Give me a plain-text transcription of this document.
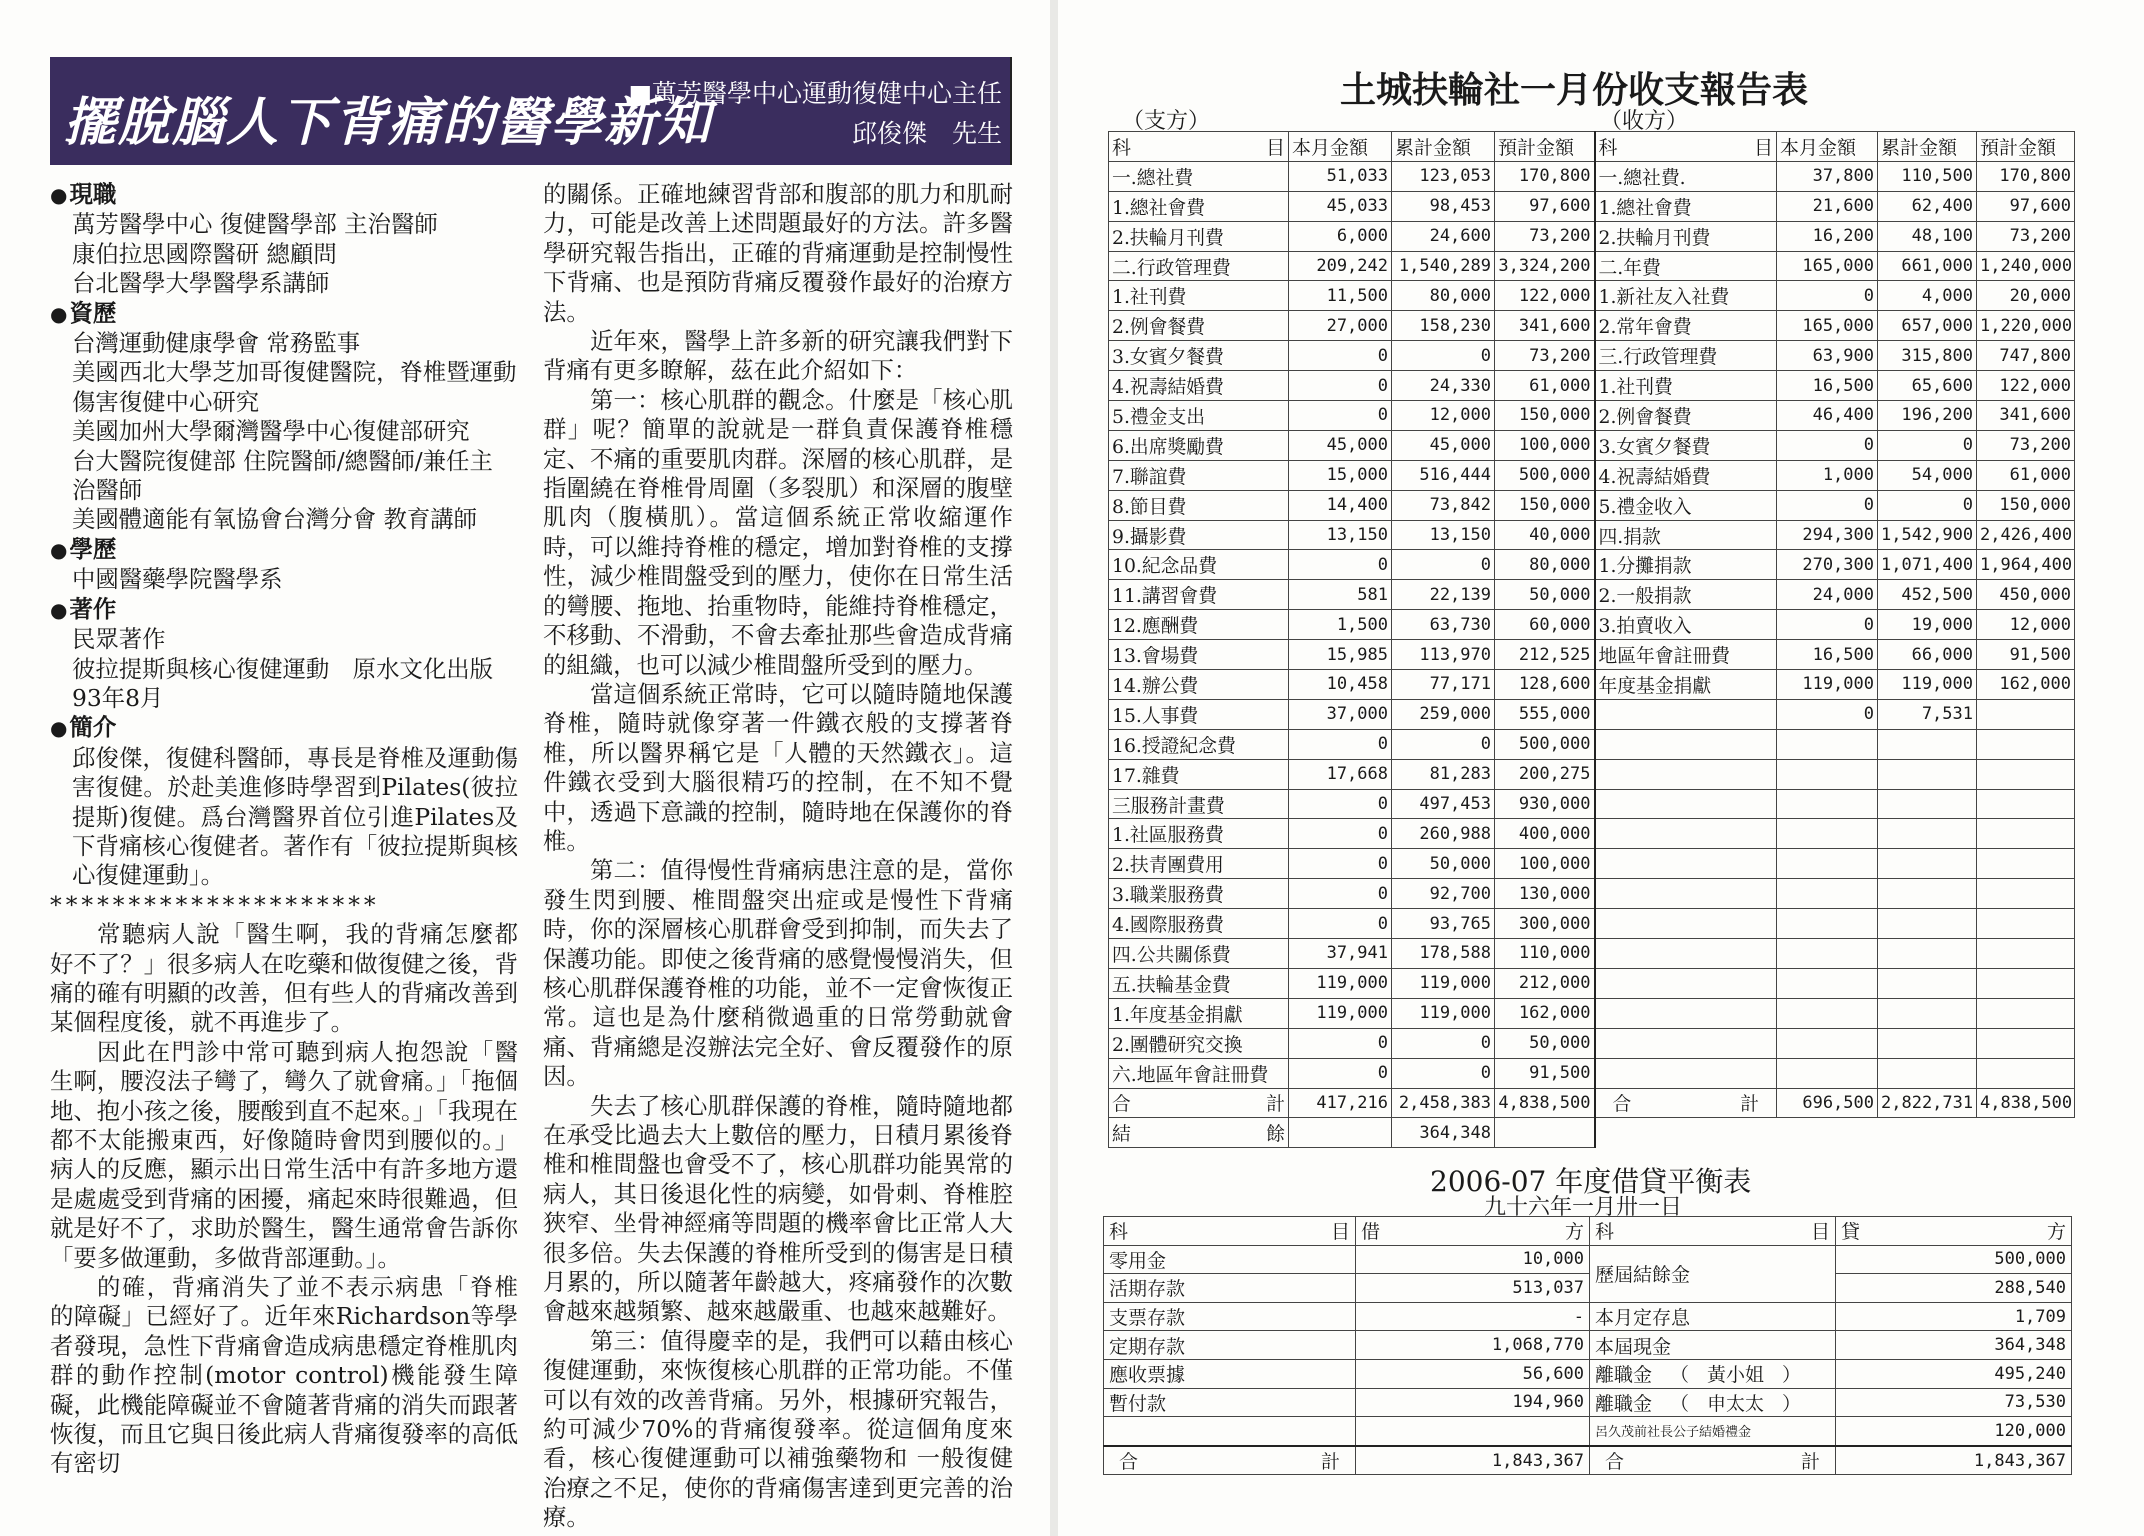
擺脫腦人下背痛的醫學新知
■萬芳醫學中心運動復健中心主任
邱俊傑　先生
●現職
萬芳醫學中心 復健醫學部 主治醫師
康伯拉思國際醫研 總顧問
台北醫學大學醫學系講師
●資歷
台灣運動健康學會 常務監事
美國西北大學芝加哥復健醫院，脊椎暨運動
傷害復健中心研究
美國加州大學爾灣醫學中心復健部研究
台大醫院復健部 住院醫師/總醫師/兼任主
治醫師
美國體適能有氧協會台灣分會 教育講師
●學歷
中國醫藥學院醫學系
●著作
民眾著作
彼拉提斯與核心復健運動　原水文化出版
93年8月
●簡介
邱俊傑，復健科醫師，專長是脊椎及運動傷害復健。於赴美進修時學習到Pilates(彼拉提斯)復健。爲台灣醫界首位引進Pilates及下背痛核心復健者。著作有「彼拉提斯與核心復健運動」。
*********************
常聽病人說「醫生啊，我的背痛怎麼都好不了？」很多病人在吃藥和做復健之後，背痛的確有明顯的改善，但有些人的背痛改善到某個程度後，就不再進步了。
因此在門診中常可聽到病人抱怨說「醫生啊，腰沒法子彎了，彎久了就會痛。」「拖個地、抱小孩之後，腰酸到直不起來。」「我現在都不太能搬東西，好像隨時會閃到腰似的。」病人的反應，顯示出日常生活中有許多地方還是處處受到背痛的困擾，痛起來時很難過，但就是好不了，求助於醫生，醫生通常會告訴你「要多做運動，多做背部運動。」。
的確，背痛消失了並不表示病患「脊椎的障礙」已經好了。近年來Richardson等學者發現，急性下背痛會造成病患穩定脊椎肌肉群的動作控制(motor control)機能發生障礙，此機能障礙並不會隨著背痛的消失而跟著恢復，而且它與日後此病人背痛復發率的高低有密切
的關係。正確地練習背部和腹部的肌力和肌耐力，可能是改善上述問題最好的方法。許多醫學研究報告指出，正確的背痛運動是控制慢性下背痛、也是預防背痛反覆發作最好的治療方法。
近年來，醫學上許多新的研究讓我們對下背痛有更多瞭解，茲在此介紹如下：
第一：核心肌群的觀念。什麼是「核心肌群」呢？簡單的說就是一群負責保護脊椎穩定、不痛的重要肌肉群。深層的核心肌群，是指圍繞在脊椎骨周圍（多裂肌）和深層的腹壁肌肉（腹橫肌）。當這個系統正常收縮運作時，可以維持脊椎的穩定，增加對脊椎的支撐性，減少椎間盤受到的壓力，使你在日常生活的彎腰、拖地、抬重物時，能維持脊椎穩定，不移動、不滑動，不會去牽扯那些會造成背痛的組織，也可以減少椎間盤所受到的壓力。
當這個系統正常時，它可以隨時隨地保護脊椎，隨時就像穿著一件鐵衣般的支撐著脊椎，所以醫界稱它是「人體的天然鐵衣」。這件鐵衣受到大腦很精巧的控制，在不知不覺中，透過下意識的控制，隨時地在保護你的脊椎。
第二：值得慢性背痛病患注意的是，當你發生閃到腰、椎間盤突出症或是慢性下背痛時，你的深層核心肌群會受到抑制，而失去了保護功能。即使之後背痛的感覺慢慢消失，但核心肌群保護脊椎的功能，並不一定會恢復正常。這也是為什麼稍微過重的日常勞動就會痛、背痛總是沒辦法完全好、會反覆發作的原因。
失去了核心肌群保護的脊椎，隨時隨地都在承受比過去大上數倍的壓力，日積月累後脊椎和椎間盤也會受不了，核心肌群功能異常的病人，其日後退化性的病變，如骨刺、脊椎腔狹窄、坐骨神經痛等問題的機率會比正常人大很多倍。失去保護的脊椎所受到的傷害是日積月累的，所以隨著年齡越大，疼痛發作的次數會越來越頻繁、越來越嚴重、也越來越難好。
第三：值得慶幸的是，我們可以藉由核心復健運動，來恢復核心肌群的正常功能。不僅可以有效的改善背痛。另外，根據研究報告，約可減少70%的背痛復發率。從這個角度來看，核心復健運動可以補強藥物和 一般復健治療之不足，使你的背痛傷害達到更完善的治療。
土城扶輪社一月份收支報告表
（支方）	（收方）
科 目	本月金額	累計金額	預計金額	科 目	本月金額	累計金額	預計金額
一.總社費	51,033	123,053	170,800	一.總社費.	37,800	110,500	170,800
1.總社會費	45,033	98,453	97,600	1.總社會費	21,600	62,400	97,600
2.扶輪月刊費	6,000	24,600	73,200	2.扶輪月刊費	16,200	48,100	73,200
二.行政管理費	209,242	1,540,289	3,324,200	二.年費	165,000	661,000	1,240,000
1.社刊費	11,500	80,000	122,000	1.新社友入社費	0	4,000	20,000
2.例會餐費	27,000	158,230	341,600	2.常年會費	165,000	657,000	1,220,000
3.女賓夕餐費	0	0	73,200	三.行政管理費	63,900	315,800	747,800
4.祝壽結婚費	0	24,330	61,000	1.社刊費	16,500	65,600	122,000
5.禮金支出	0	12,000	150,000	2.例會餐費	46,400	196,200	341,600
6.出席獎勵費	45,000	45,000	100,000	3.女賓夕餐費	0	0	73,200
7.聯誼費	15,000	516,444	500,000	4.祝壽結婚費	1,000	54,000	61,000
8.節目費	14,400	73,842	150,000	5.禮金收入	0	0	150,000
9.攝影費	13,150	13,150	40,000	四.捐款	294,300	1,542,900	2,426,400
10.紀念品費	0	0	80,000	1.分攤捐款	270,300	1,071,400	1,964,400
11.講習會費	581	22,139	50,000	2.一般捐款	24,000	452,500	450,000
12.應酬費	1,500	63,730	60,000	3.拍賣收入	0	19,000	12,000
13.會場費	15,985	113,970	212,525	地區年會註冊費	16,500	66,000	91,500
14.辦公費	10,458	77,171	128,600	年度基金捐獻	119,000	119,000	162,000
15.人事費	37,000	259,000	555,000		0	7,531	
16.授證紀念費	0	0	500,000				
17.雜費	17,668	81,283	200,275				
三服務計畫費	0	497,453	930,000				
1.社區服務費	0	260,988	400,000				
2.扶青團費用	0	50,000	100,000				
3.職業服務費	0	92,700	130,000				
4.國際服務費	0	93,765	300,000				
四.公共關係費	37,941	178,588	110,000				
五.扶輪基金費	119,000	119,000	212,000				
1.年度基金捐獻	119,000	119,000	162,000				
2.團體研究交換	0	0	50,000				
六.地區年會註冊費	0	0	91,500				

合 計	417,216	2,458,383	4,838,500	合 計	696,500	2,822,731	4,838,500

結 餘		364,348					
2006-07 年度借貸平衡表
九十六年一月卅一日
科 目	借 方	科 目	貸 方

零用金	10,000	歷屆結餘金	500,000
活期存款	513,037		288,540
支票存款	-	本月定存息	1,709
定期存款	1,068,770	本屆現金	364,348
應收票據	56,600	離職金 （ 黃小姐 ）	495,240
暫付款	194,960	離職金 （ 申太太 ）	73,530
		呂久茂前社長公子結婚禮金	120,000

合 計	1,843,367	合 計	1,843,367
